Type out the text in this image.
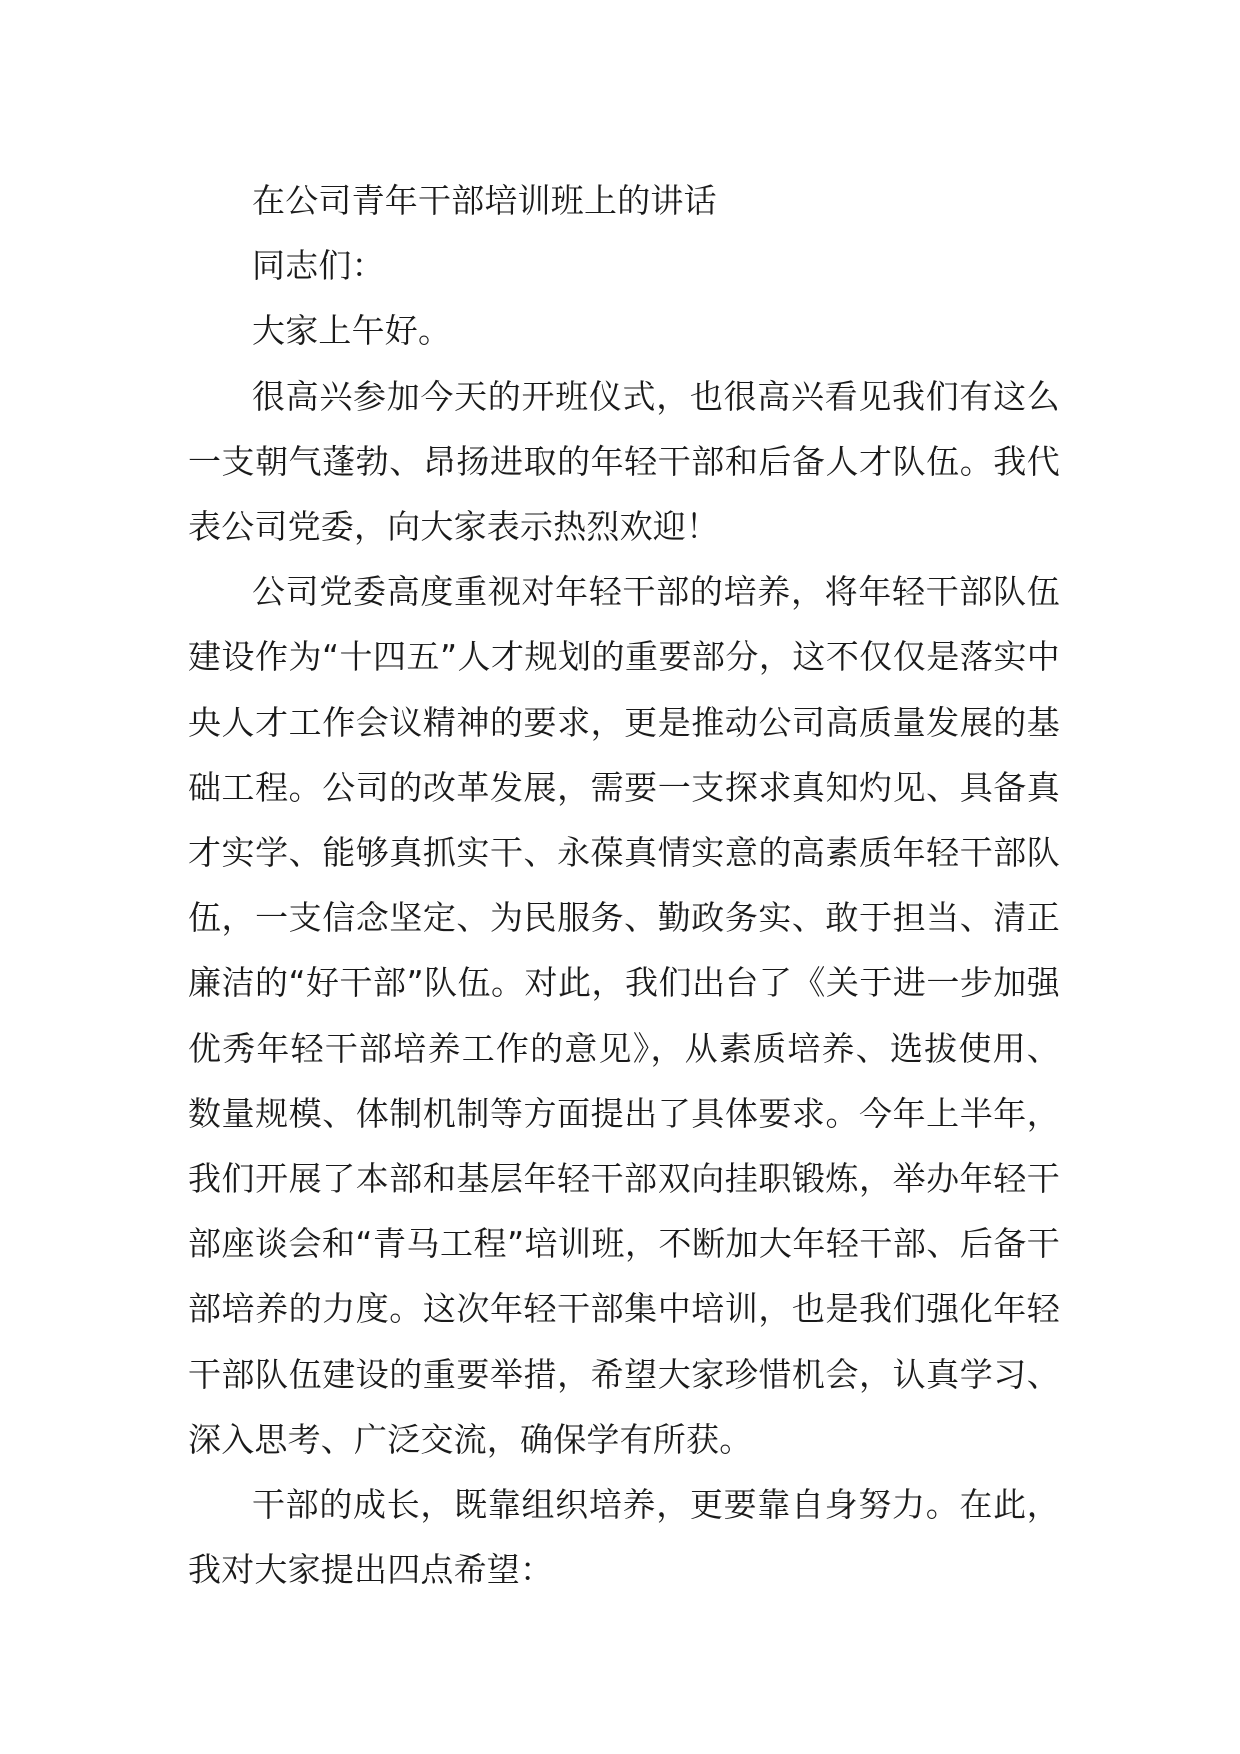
在公司青年干部培训班上的讲话

同志们：

大家上午好。

很高兴参加今天的开班仪式，也很高兴看见我们有这么一支朝气蓬勃、昂扬进取的年轻干部和后备人才队伍。我代表公司党委，向大家表示热烈欢迎！

公司党委高度重视对年轻干部的培养，将年轻干部队伍建设作为“十四五”人才规划的重要部分，这不仅仅是落实中央人才工作会议精神的要求，更是推动公司高质量发展的基础工程。公司的改革发展，需要一支探求真知灼见、具备真才实学、能够真抓实干、永葆真情实意的高素质年轻干部队伍，一支信念坚定、为民服务、勤政务实、敢于担当、清正廉洁的“好干部”队伍。对此，我们出台了《关于进一步加强优秀年轻干部培养工作的意见》，从素质培养、选拔使用、数量规模、体制机制等方面提出了具体要求。今年上半年，我们开展了本部和基层年轻干部双向挂职锻炼，举办年轻干部座谈会和“青马工程”培训班，不断加大年轻干部、后备干部培养的力度。这次年轻干部集中培训，也是我们强化年轻干部队伍建设的重要举措，希望大家珍惜机会，认真学习、深入思考、广泛交流，确保学有所获。

干部的成长，既靠组织培养，更要靠自身努力。在此，我对大家提出四点希望：
